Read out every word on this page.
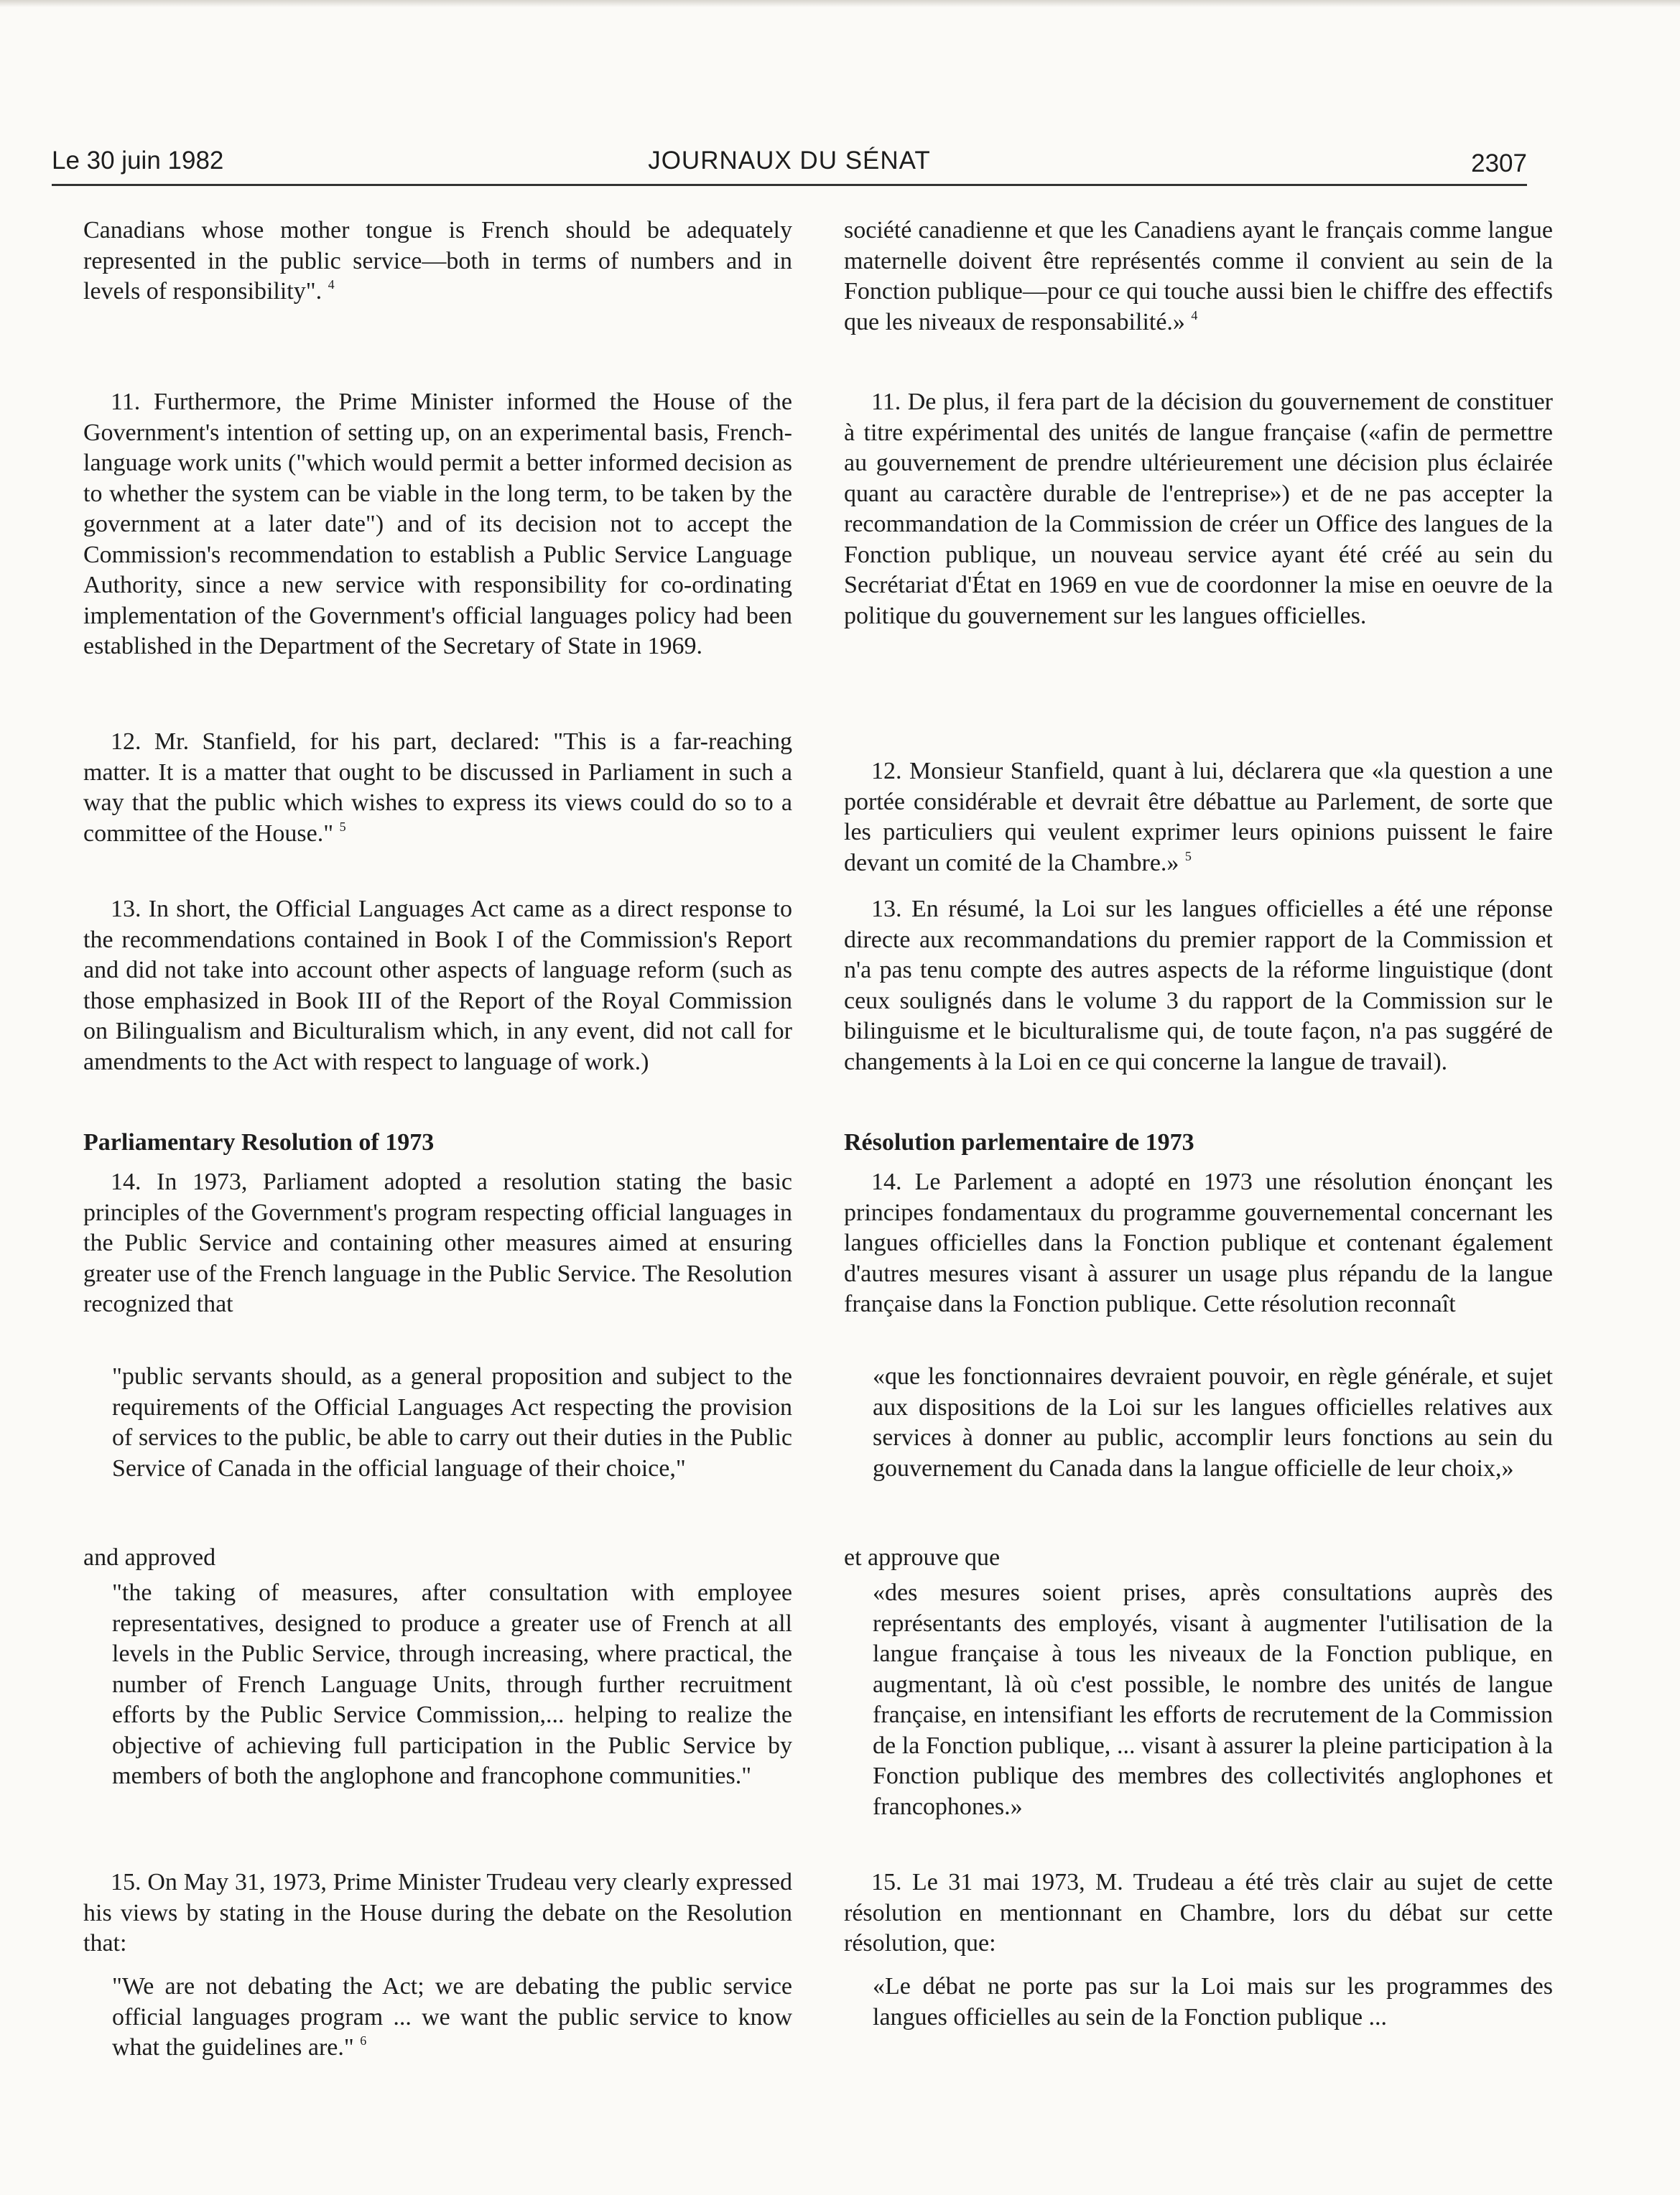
Le 30 juin 1982	JOURNAUX DU SÉNAT	2307

Canadians whose mother tongue is French should be adequately represented in the public service—both in terms of numbers and in levels of responsibility". $^4$

11. Furthermore, the Prime Minister informed the House of the Government's intention of setting up, on an experimental basis, French-language work units ("which would permit a better informed decision as to whether the system can be viable in the long term, to be taken by the government at a later date") and of its decision not to accept the Commission's recommendation to establish a Public Service Language Authority, since a new service with responsibility for co-ordinating implementation of the Government's official languages policy had been established in the Department of the Secretary of State in 1969.

12. Mr. Stanfield, for his part, declared: "This is a far-reaching matter. It is a matter that ought to be discussed in Parliament in such a way that the public which wishes to express its views could do so to a committee of the House." $^5$

13. In short, the Official Languages Act came as a direct response to the recommendations contained in Book I of the Commission's Report and did not take into account other aspects of language reform (such as those emphasized in Book III of the Report of the Royal Commission on Bilingualism and Biculturalism which, in any event, did not call for amendments to the Act with respect to language of work.)

Parliamentary Resolution of 1973

14. In 1973, Parliament adopted a resolution stating the basic principles of the Government's program respecting official languages in the Public Service and containing other measures aimed at ensuring greater use of the French language in the Public Service. The Resolution recognized that

"public servants should, as a general proposition and subject to the requirements of the Official Languages Act respecting the provision of services to the public, be able to carry out their duties in the Public Service of Canada in the official language of their choice,"

and approved

"the taking of measures, after consultation with employee representatives, designed to produce a greater use of French at all levels in the Public Service, through increasing, where practical, the number of French Language Units, through further recruitment efforts by the Public Service Commission,... helping to realize the objective of achieving full participation in the Public Service by members of both the anglophone and francophone communities."

15. On May 31, 1973, Prime Minister Trudeau very clearly expressed his views by stating in the House during the debate on the Resolution that:

"We are not debating the Act; we are debating the public service official languages program ... we want the public service to know what the guidelines are." $^6$

société canadienne et que les Canadiens ayant le français comme langue maternelle doivent être représentés comme il convient au sein de la Fonction publique—pour ce qui touche aussi bien le chiffre des effectifs que les niveaux de responsabilité.» $^4$

11. De plus, il fera part de la décision du gouvernement de constituer à titre expérimental des unités de langue française («afin de permettre au gouvernement de prendre ultérieurement une décision plus éclairée quant au caractère durable de l'entreprise») et de ne pas accepter la recommandation de la Commission de créer un Office des langues de la Fonction publique, un nouveau service ayant été créé au sein du Secrétariat d'État en 1969 en vue de coordonner la mise en oeuvre de la politique du gouvernement sur les langues officielles.

12. Monsieur Stanfield, quant à lui, déclarera que «la question a une portée considérable et devrait être débattue au Parlement, de sorte que les particuliers qui veulent exprimer leurs opinions puissent le faire devant un comité de la Chambre.» $^5$

13. En résumé, la Loi sur les langues officielles a été une réponse directe aux recommandations du premier rapport de la Commission et n'a pas tenu compte des autres aspects de la réforme linguistique (dont ceux soulignés dans le volume 3 du rapport de la Commission sur le bilinguisme et le biculturalisme qui, de toute façon, n'a pas suggéré de changements à la Loi en ce qui concerne la langue de travail).

Résolution parlementaire de 1973

14. Le Parlement a adopté en 1973 une résolution énonçant les principes fondamentaux du programme gouvernemental concernant les langues officielles dans la Fonction publique et contenant également d'autres mesures visant à assurer un usage plus répandu de la langue française dans la Fonction publique. Cette résolution reconnaît

«que les fonctionnaires devraient pouvoir, en règle générale, et sujet aux dispositions de la Loi sur les langues officielles relatives aux services à donner au public, accomplir leurs fonctions au sein du gouvernement du Canada dans la langue officielle de leur choix,»

et approuve que

«des mesures soient prises, après consultations auprès des représentants des employés, visant à augmenter l'utilisation de la langue française à tous les niveaux de la Fonction publique, en augmentant, là où c'est possible, le nombre des unités de langue française, en intensifiant les efforts de recrutement de la Commission de la Fonction publique, ... visant à assurer la pleine participation à la Fonction publique des membres des collectivités anglophones et francophones.»

15. Le 31 mai 1973, M. Trudeau a été très clair au sujet de cette résolution en mentionnant en Chambre, lors du débat sur cette résolution, que:

«Le débat ne porte pas sur la Loi mais sur les programmes des langues officielles au sein de la Fonction publique ...
